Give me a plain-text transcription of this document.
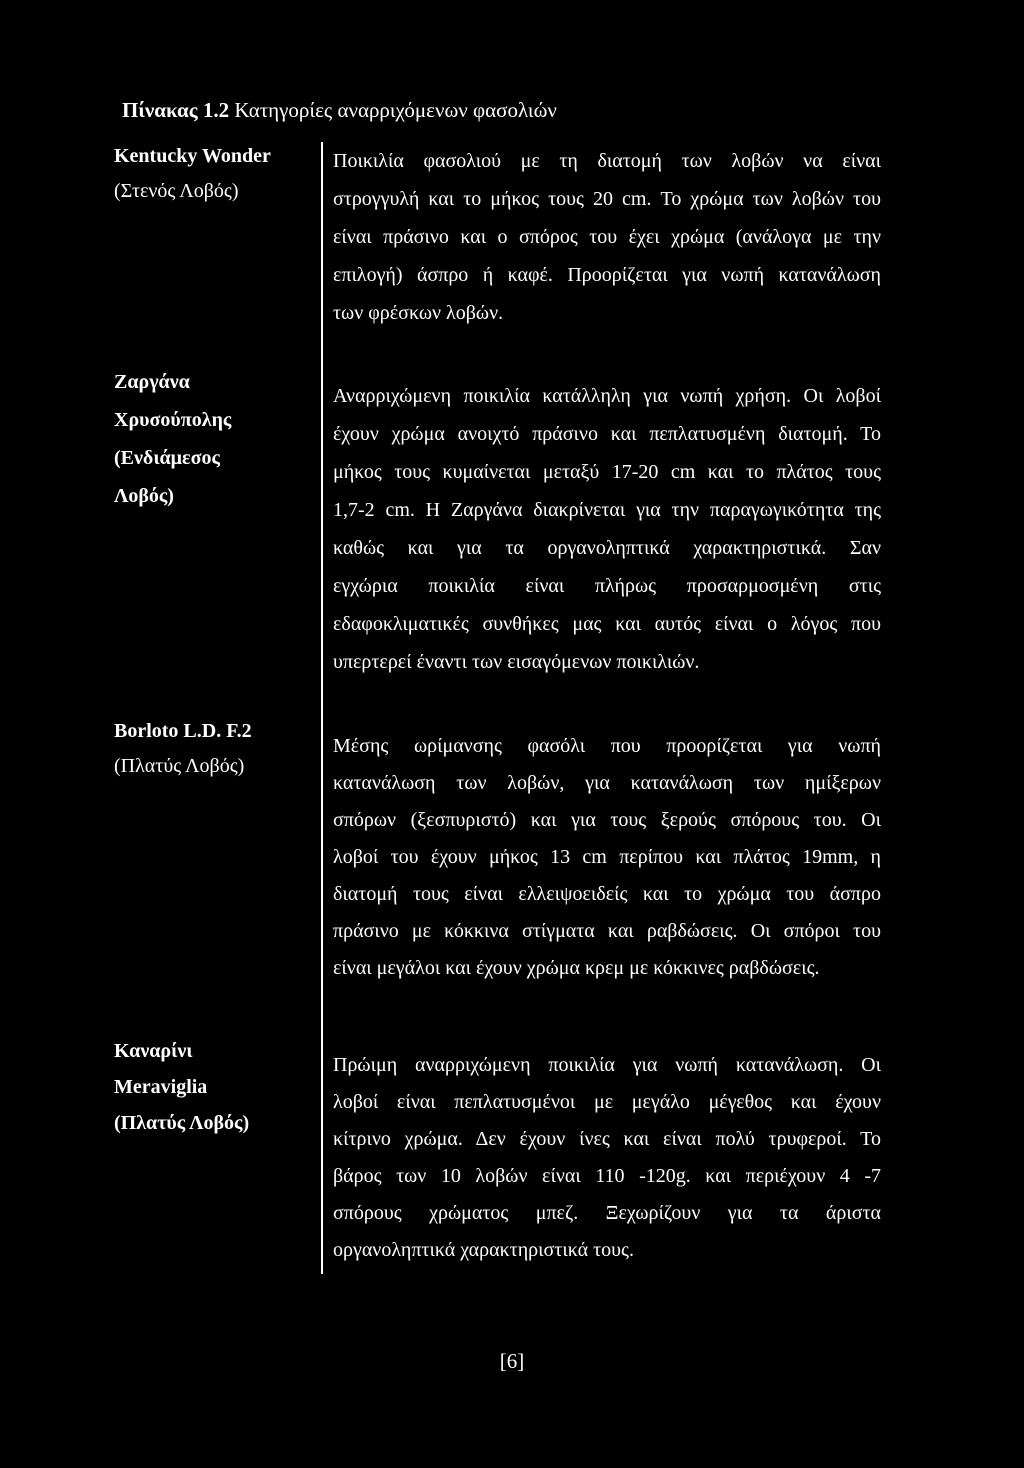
Πίνακας 1.2 Κατηγορίες αναρριχόμενων φασολιών
Kentucky Wonder
(Στενός Λοβός)
Ποικιλία φασολιού με τη διατομή των λοβών να είναι
στρογγυλή και το μήκος τους 20 cm. Το χρώμα των λοβών του
είναι πράσινο και ο σπόρος του έχει χρώμα (ανάλογα με την
επιλογή) άσπρο ή καφέ. Προορίζεται για νωπή κατανάλωση
των φρέσκων λοβών.
Ζαργάνα
Χρυσούπολης
(Ενδιάμεσος
Λοβός)
Αναρριχώμενη ποικιλία κατάλληλη για νωπή χρήση. Οι λοβοί
έχουν χρώμα ανοιχτό πράσινο και πεπλατυσμένη διατομή. Το
μήκος τους κυμαίνεται μεταξύ 17-20 cm και το πλάτος τους
1,7-2 cm. Η Ζαργάνα διακρίνεται για την παραγωγικότητα της
καθώς και για τα οργανοληπτικά χαρακτηριστικά. Σαν
εγχώρια ποικιλία είναι πλήρως προσαρμοσμένη στις
εδαφοκλιματικές συνθήκες μας και αυτός είναι ο λόγος που
υπερτερεί έναντι των εισαγόμενων ποικιλιών.
Borloto L.D. F.2
(Πλατύς Λοβός)
Μέσης ωρίμανσης φασόλι που προορίζεται για νωπή
κατανάλωση των λοβών, για κατανάλωση των ημίξερων
σπόρων (ξεσπυριστό) και για τους ξερούς σπόρους του. Οι
λοβοί του έχουν μήκος 13 cm περίπου και πλάτος 19mm, η
διατομή τους είναι ελλειψοειδείς και το χρώμα του άσπρο
πράσινο με κόκκινα στίγματα και ραβδώσεις. Οι σπόροι του
είναι μεγάλοι και έχουν χρώμα κρεμ με κόκκινες ραβδώσεις.
Καναρίνι
Meraviglia
(Πλατύς Λοβός)
Πρώιμη αναρριχώμενη ποικιλία για νωπή κατανάλωση. Οι
λοβοί είναι πεπλατυσμένοι με μεγάλο μέγεθος και έχουν
κίτρινο χρώμα. Δεν έχουν ίνες και είναι πολύ τρυφεροί. Το
βάρος των 10 λοβών είναι 110 -120g. και περιέχουν 4 -7
σπόρους χρώματος μπεζ. Ξεχωρίζουν για τα άριστα
οργανοληπτικά χαρακτηριστικά τους.
[6]
